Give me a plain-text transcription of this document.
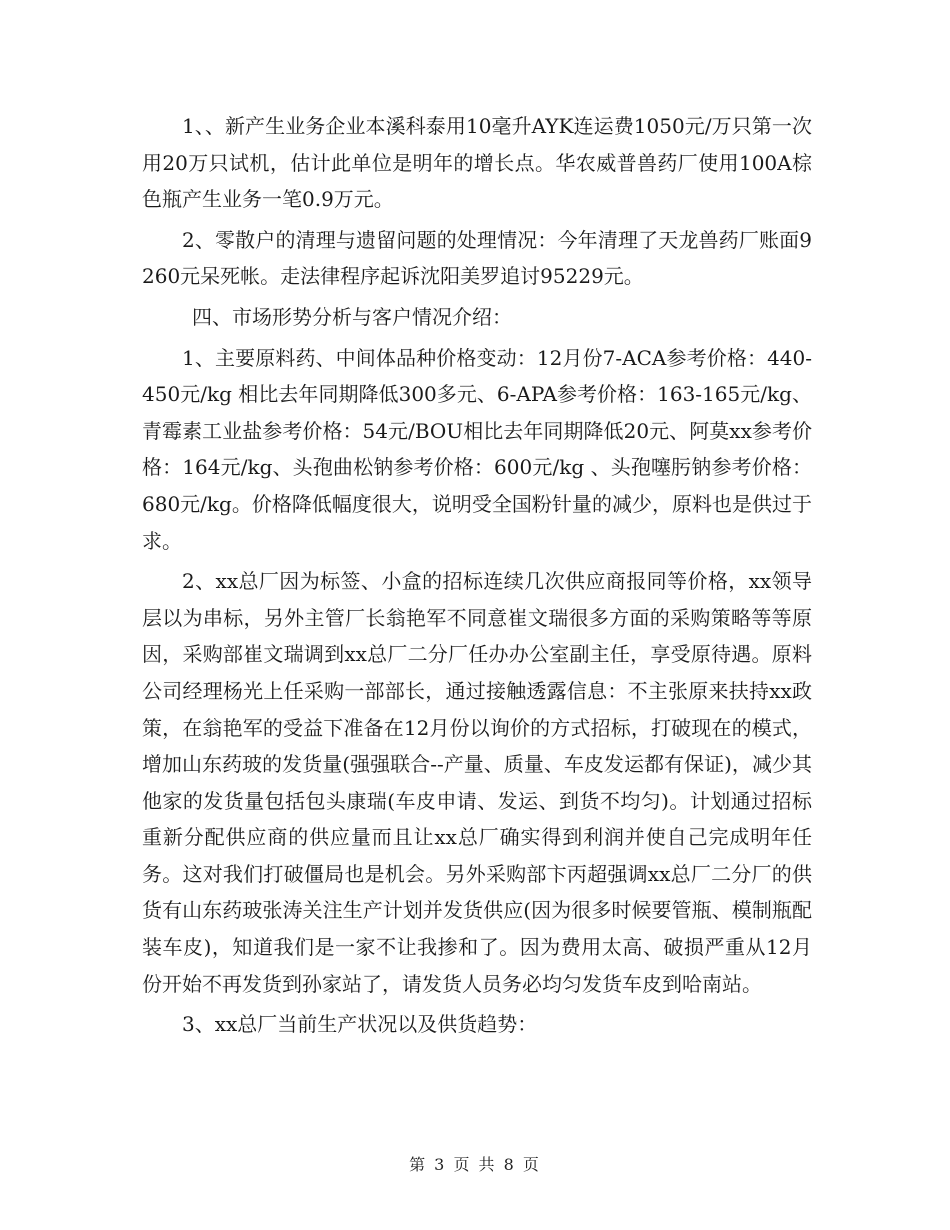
1、、新产生业务企业本溪科泰用10毫升AYK连运费1050元/万只第一次用20万只试机，估计此单位是明年的增长点。华农威普兽药厂使用100A棕色瓶产生业务一笔0.9万元。

2、零散户的清理与遗留问题的处理情况：今年清理了天龙兽药厂账面9260元呆死帐。走法律程序起诉沈阳美罗追讨95229元。

四、市场形势分析与客户情况介绍：

1、主要原料药、中间体品种价格变动：12月份7-ACA参考价格：440-450元/kg 相比去年同期降低300多元、6-APA参考价格：163-165元/kg、青霉素工业盐参考价格：54元/BOU相比去年同期降低20元、阿莫xx参考价格：164元/kg、头孢曲松钠参考价格：600元/kg 、头孢噻肟钠参考价格：680元/kg。价格降低幅度很大，说明受全国粉针量的减少，原料也是供过于求。

2、xx总厂因为标签、小盒的招标连续几次供应商报同等价格，xx领导层以为串标，另外主管厂长翁艳军不同意崔文瑞很多方面的采购策略等等原因，采购部崔文瑞调到xx总厂二分厂任办办公室副主任，享受原待遇。原料公司经理杨光上任采购一部部长，通过接触透露信息：不主张原来扶持xx政策，在翁艳军的受益下准备在12月份以询价的方式招标，打破现在的模式，增加山东药玻的发货量(强强联合--产量、质量、车皮发运都有保证)，减少其他家的发货量包括包头康瑞(车皮申请、发运、到货不均匀)。计划通过招标重新分配供应商的供应量而且让xx总厂确实得到利润并使自己完成明年任务。这对我们打破僵局也是机会。另外采购部卞丙超强调xx总厂二分厂的供货有山东药玻张涛关注生产计划并发货供应(因为很多时候要管瓶、模制瓶配装车皮)，知道我们是一家不让我掺和了。因为费用太高、破损严重从12月份开始不再发货到孙家站了，请发货人员务必均匀发货车皮到哈南站。

3、xx总厂当前生产状况以及供货趋势：

第 3 页 共 8 页
